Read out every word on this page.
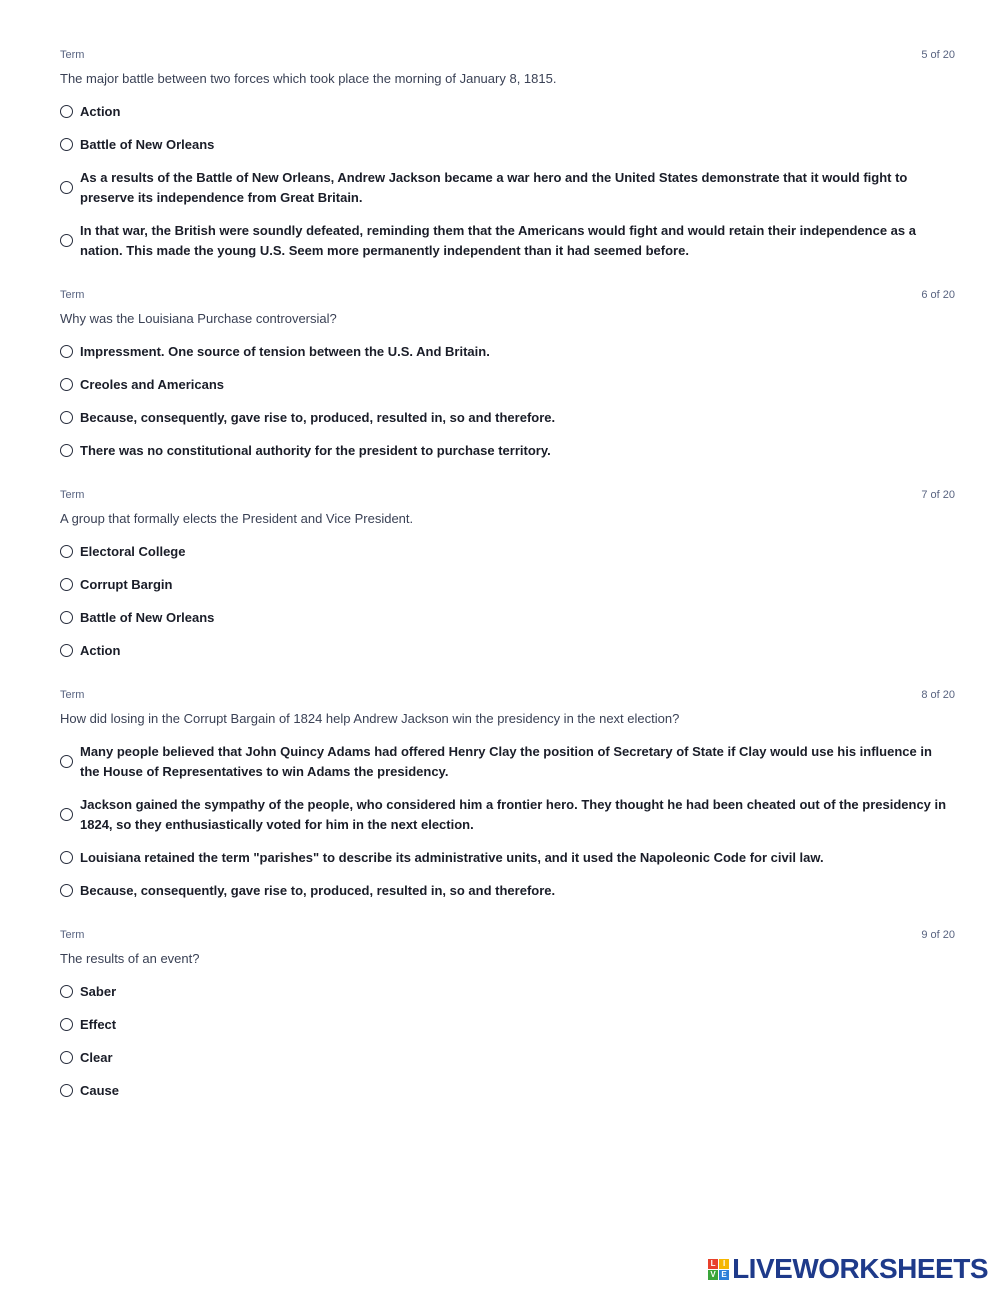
Term	5 of 20
The major battle between two forces which took place the morning of January 8, 1815.
Action
Battle of New Orleans
As a results of the Battle of New Orleans, Andrew Jackson became a war hero and the United States demonstrate that it would fight to preserve its independence from Great Britain.
In that war, the British were soundly defeated, reminding them that the Americans would fight and would retain their independence as a nation. This made the young U.S. Seem more permanently independent than it had seemed before.
Term	6 of 20
Why was the Louisiana Purchase controversial?
Impressment. One source of tension between the U.S. And Britain.
Creoles and Americans
Because, consequently, gave rise to, produced, resulted in, so and therefore.
There was no constitutional authority for the president to purchase territory.
Term	7 of 20
A group that formally elects the President and Vice President.
Electoral College
Corrupt Bargin
Battle of New Orleans
Action
Term	8 of 20
How did losing in the Corrupt Bargain of 1824 help Andrew Jackson win the presidency in the next election?
Many people believed that John Quincy Adams had offered Henry Clay the position of Secretary of State if Clay would use his influence in the House of Representatives to win Adams the presidency.
Jackson gained the sympathy of the people, who considered him a frontier hero. They thought he had been cheated out of the presidency in 1824, so they enthusiastically voted for him in the next election.
Louisiana retained the term "parishes" to describe its administrative units, and it used the Napoleonic Code for civil law.
Because, consequently, gave rise to, produced, resulted in, so and therefore.
Term	9 of 20
The results of an event?
Saber
Effect
Clear
Cause
L I
V E LIVEWORKSHEETS
